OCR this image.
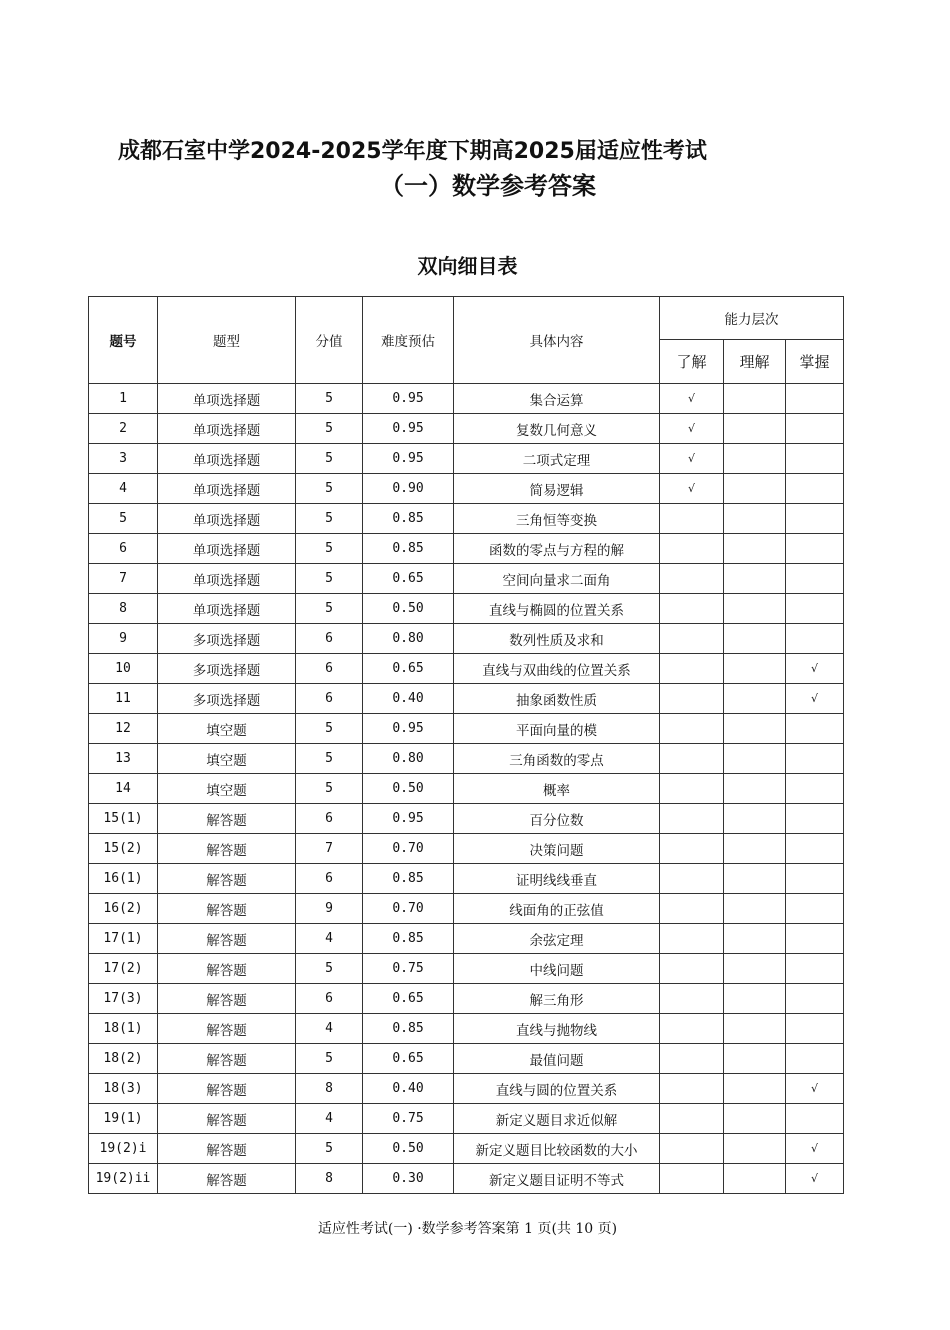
成都石室中学2024-2025学年度下期高2025届适应性考试
（一）数学参考答案
双向细目表
题号	题型	分值	难度预估	具体内容	能力层次		
					了解	理解	掌握
1	单项选择题	5	0.95	集合运算	√		
2	单项选择题	5	0.95	复数几何意义	√		
3	单项选择题	5	0.95	二项式定理	√		
4	单项选择题	5	0.90	简易逻辑	√		
5	单项选择题	5	0.85	三角恒等变换			
6	单项选择题	5	0.85	函数的零点与方程的解			
7	单项选择题	5	0.65	空间向量求二面角			
8	单项选择题	5	0.50	直线与椭圆的位置关系			
9	多项选择题	6	0.80	数列性质及求和			
10	多项选择题	6	0.65	直线与双曲线的位置关系			√
11	多项选择题	6	0.40	抽象函数性质			√
12	填空题	5	0.95	平面向量的模			
13	填空题	5	0.80	三角函数的零点			
14	填空题	5	0.50	概率			
15(1)	解答题	6	0.95	百分位数			
15(2)	解答题	7	0.70	决策问题			
16(1)	解答题	6	0.85	证明线线垂直			
16(2)	解答题	9	0.70	线面角的正弦值			
17(1)	解答题	4	0.85	余弦定理			
17(2)	解答题	5	0.75	中线问题			
17(3)	解答题	6	0.65	解三角形			
18(1)	解答题	4	0.85	直线与抛物线			
18(2)	解答题	5	0.65	最值问题			
18(3)	解答题	8	0.40	直线与圆的位置关系			√
19(1)	解答题	4	0.75	新定义题目求近似解			
19(2)i	解答题	5	0.50	新定义题目比较函数的大小			√
19(2)ii	解答题	8	0.30	新定义题目证明不等式			√
适应性考试(一) ·数学参考答案第 1 页(共 10 页)
